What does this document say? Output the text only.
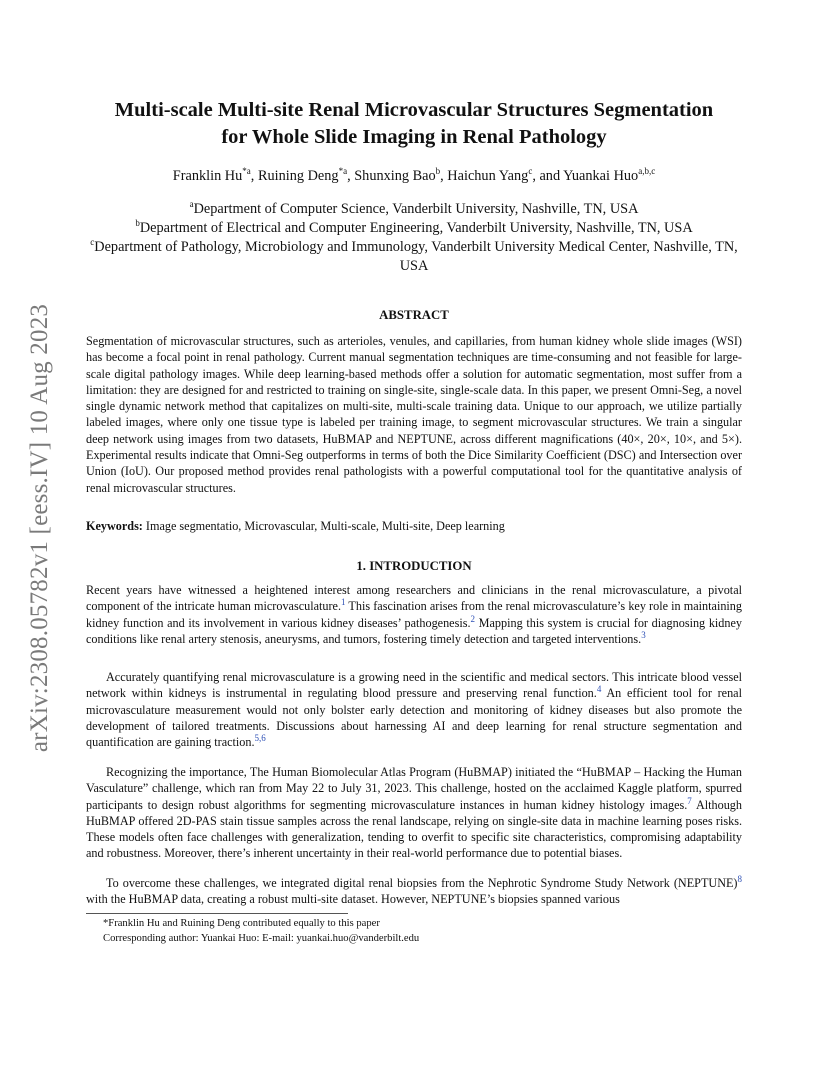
arXiv:2308.05782v1 [eess.IV] 10 Aug 2023
Multi-scale Multi-site Renal Microvascular Structures Segmentation
for Whole Slide Imaging in Renal Pathology

Franklin Hu$^{*a}$, Ruining Deng$^{*a}$, Shunxing Bao$^b$, Haichun Yang$^c$, and Yuankai Huo$^{a,b,c}$

$^a$Department of Computer Science, Vanderbilt University, Nashville, TN, USA
$^b$Department of Electrical and Computer Engineering, Vanderbilt University, Nashville, TN, USA
$^c$Department of Pathology, Microbiology and Immunology, Vanderbilt University Medical Center, Nashville, TN, USA

ABSTRACT

Segmentation of microvascular structures, such as arterioles, venules, and capillaries, from human kidney whole slide images (WSI) has become a focal point in renal pathology. Current manual segmentation techniques are time-consuming and not feasible for large-scale digital pathology images. While deep learning-based methods offer a solution for automatic segmentation, most suffer from a limitation: they are designed for and restricted to training on single-site, single-scale data. In this paper, we present Omni-Seg, a novel single dynamic network method that capitalizes on multi-site, multi-scale training data. Unique to our approach, we utilize partially labeled images, where only one tissue type is labeled per training image, to segment microvascular structures. We train a singular deep network using images from two datasets, HuBMAP and NEPTUNE, across different magnifications (40×, 20×, 10×, and 5×). Experimental results indicate that Omni-Seg outperforms in terms of both the Dice Similarity Coefficient (DSC) and Intersection over Union (IoU). Our proposed method provides renal pathologists with a powerful computational tool for the quantitative analysis of renal microvascular structures.

Keywords: Image segmentatio, Microvascular, Multi-scale, Multi-site, Deep learning

1. INTRODUCTION

Recent years have witnessed a heightened interest among researchers and clinicians in the renal microvasculature, a pivotal component of the intricate human microvasculature.$^1$ This fascination arises from the renal microvasculature’s key role in maintaining kidney function and its involvement in various kidney diseases’ pathogenesis.$^2$ Mapping this system is crucial for diagnosing kidney conditions like renal artery stenosis, aneurysms, and tumors, fostering timely detection and targeted interventions.$^3$

Accurately quantifying renal microvasculature is a growing need in the scientific and medical sectors. This intricate blood vessel network within kidneys is instrumental in regulating blood pressure and preserving renal function.$^4$ An efficient tool for renal microvasculature measurement would not only bolster early detection and monitoring of kidney diseases but also promote the development of tailored treatments. Discussions about harnessing AI and deep learning for renal structure segmentation and quantification are gaining traction.$^{5,6}$

Recognizing the importance, The Human Biomolecular Atlas Program (HuBMAP) initiated the “HuBMAP – Hacking the Human Vasculature” challenge, which ran from May 22 to July 31, 2023. This challenge, hosted on the acclaimed Kaggle platform, spurred participants to design robust algorithms for segmenting microvasculature instances in human kidney histology images.$^7$ Although HuBMAP offered 2D-PAS stain tissue samples across the renal landscape, relying on single-site data in machine learning poses risks. These models often face challenges with generalization, tending to overfit to specific site characteristics, compromising adaptability and robustness. Moreover, there’s inherent uncertainty in their real-world performance due to potential biases.

To overcome these challenges, we integrated digital renal biopsies from the Nephrotic Syndrome Study Network (NEPTUNE)$^8$ with the HuBMAP data, creating a robust multi-site dataset. However, NEPTUNE’s biopsies spanned various

*Franklin Hu and Ruining Deng contributed equally to this paper

Corresponding author: Yuankai Huo: E-mail: yuankai.huo@vanderbilt.edu
